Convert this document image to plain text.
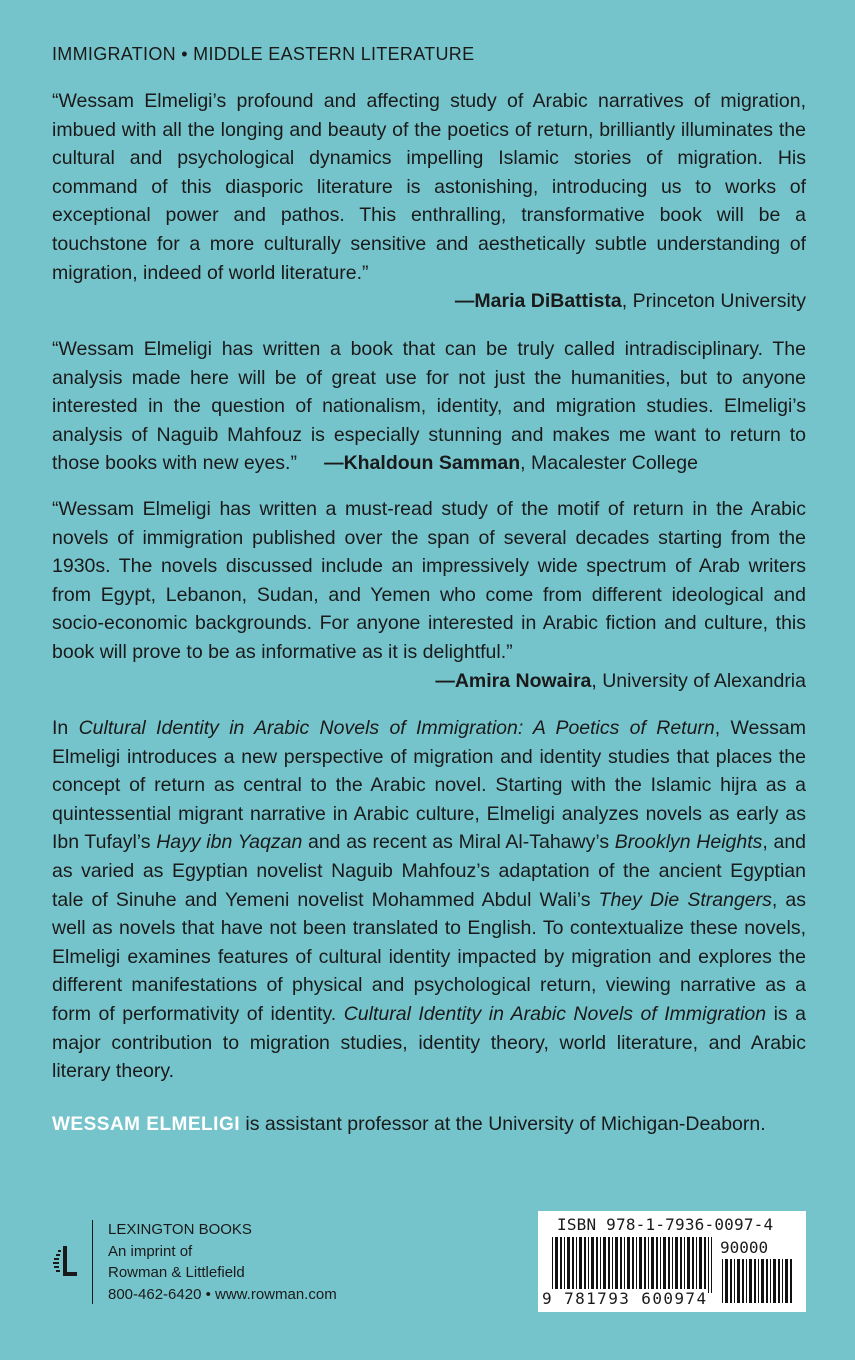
IMMIGRATION • MIDDLE EASTERN LITERATURE

“Wessam Elmeligi’s profound and affecting study of Arabic narratives of migration, imbued with all the longing and beauty of the poetics of return, brilliantly illuminates the cultural and psychological dynamics impelling Islamic stories of migration. His command of this diasporic literature is astonishing, introducing us to works of exceptional power and pathos. This enthralling, transformative book will be a touchstone for a more culturally sensitive and aesthetically subtle understanding of migration, indeed of world literature.”

—Maria DiBattista, Princeton University

“Wessam Elmeligi has written a book that can be truly called intradisciplinary. The analysis made here will be of great use for not just the humanities, but to anyone interested in the question of nationalism, identity, and migration studies. Elmeligi’s analysis of Naguib Mahfouz is especially stunning and makes me want to return to those books with new eyes.” —Khaldoun Samman, Macalester College

“Wessam Elmeligi has written a must-read study of the motif of return in the Arabic novels of immigration published over the span of several decades starting from the 1930s. The novels discussed include an impressively wide spectrum of Arab writers from Egypt, Lebanon, Sudan, and Yemen who come from different ideological and socio-economic backgrounds. For anyone interested in Arabic fiction and culture, this book will prove to be as informative as it is delightful.”

—Amira Nowaira, University of Alexandria

In Cultural Identity in Arabic Novels of Immigration: A Poetics of Return, Wessam Elmeligi introduces a new perspective of migration and identity studies that places the concept of return as central to the Arabic novel. Starting with the Islamic hijra as a quintessential migrant narrative in Arabic culture, Elmeligi analyzes novels as early as Ibn Tufayl’s Hayy ibn Yaqzan and as recent as Miral Al-Tahawy’s Brooklyn Heights, and as varied as Egyptian novelist Naguib Mahfouz’s adaptation of the ancient Egyptian tale of Sinuhe and Yemeni novelist Mohammed Abdul Wali’s They Die Strangers, as well as novels that have not been translated to English. To contextualize these novels, Elmeligi examines features of cultural identity impacted by migration and explores the different manifestations of physical and psychological return, viewing narrative as a form of performativity of identity. Cultural Identity in Arabic Novels of Immigration is a major contribution to migration studies, identity theory, world literature, and Arabic literary theory.

WESSAM ELMELIGI is assistant professor at the University of Michigan-Deaborn.
LEXINGTON BOOKS
An imprint of
Rowman & Littlefield
800-462-6420 • www.rowman.com
ISBN 978-1-7936-0097-4
90000
9 781793 600974
